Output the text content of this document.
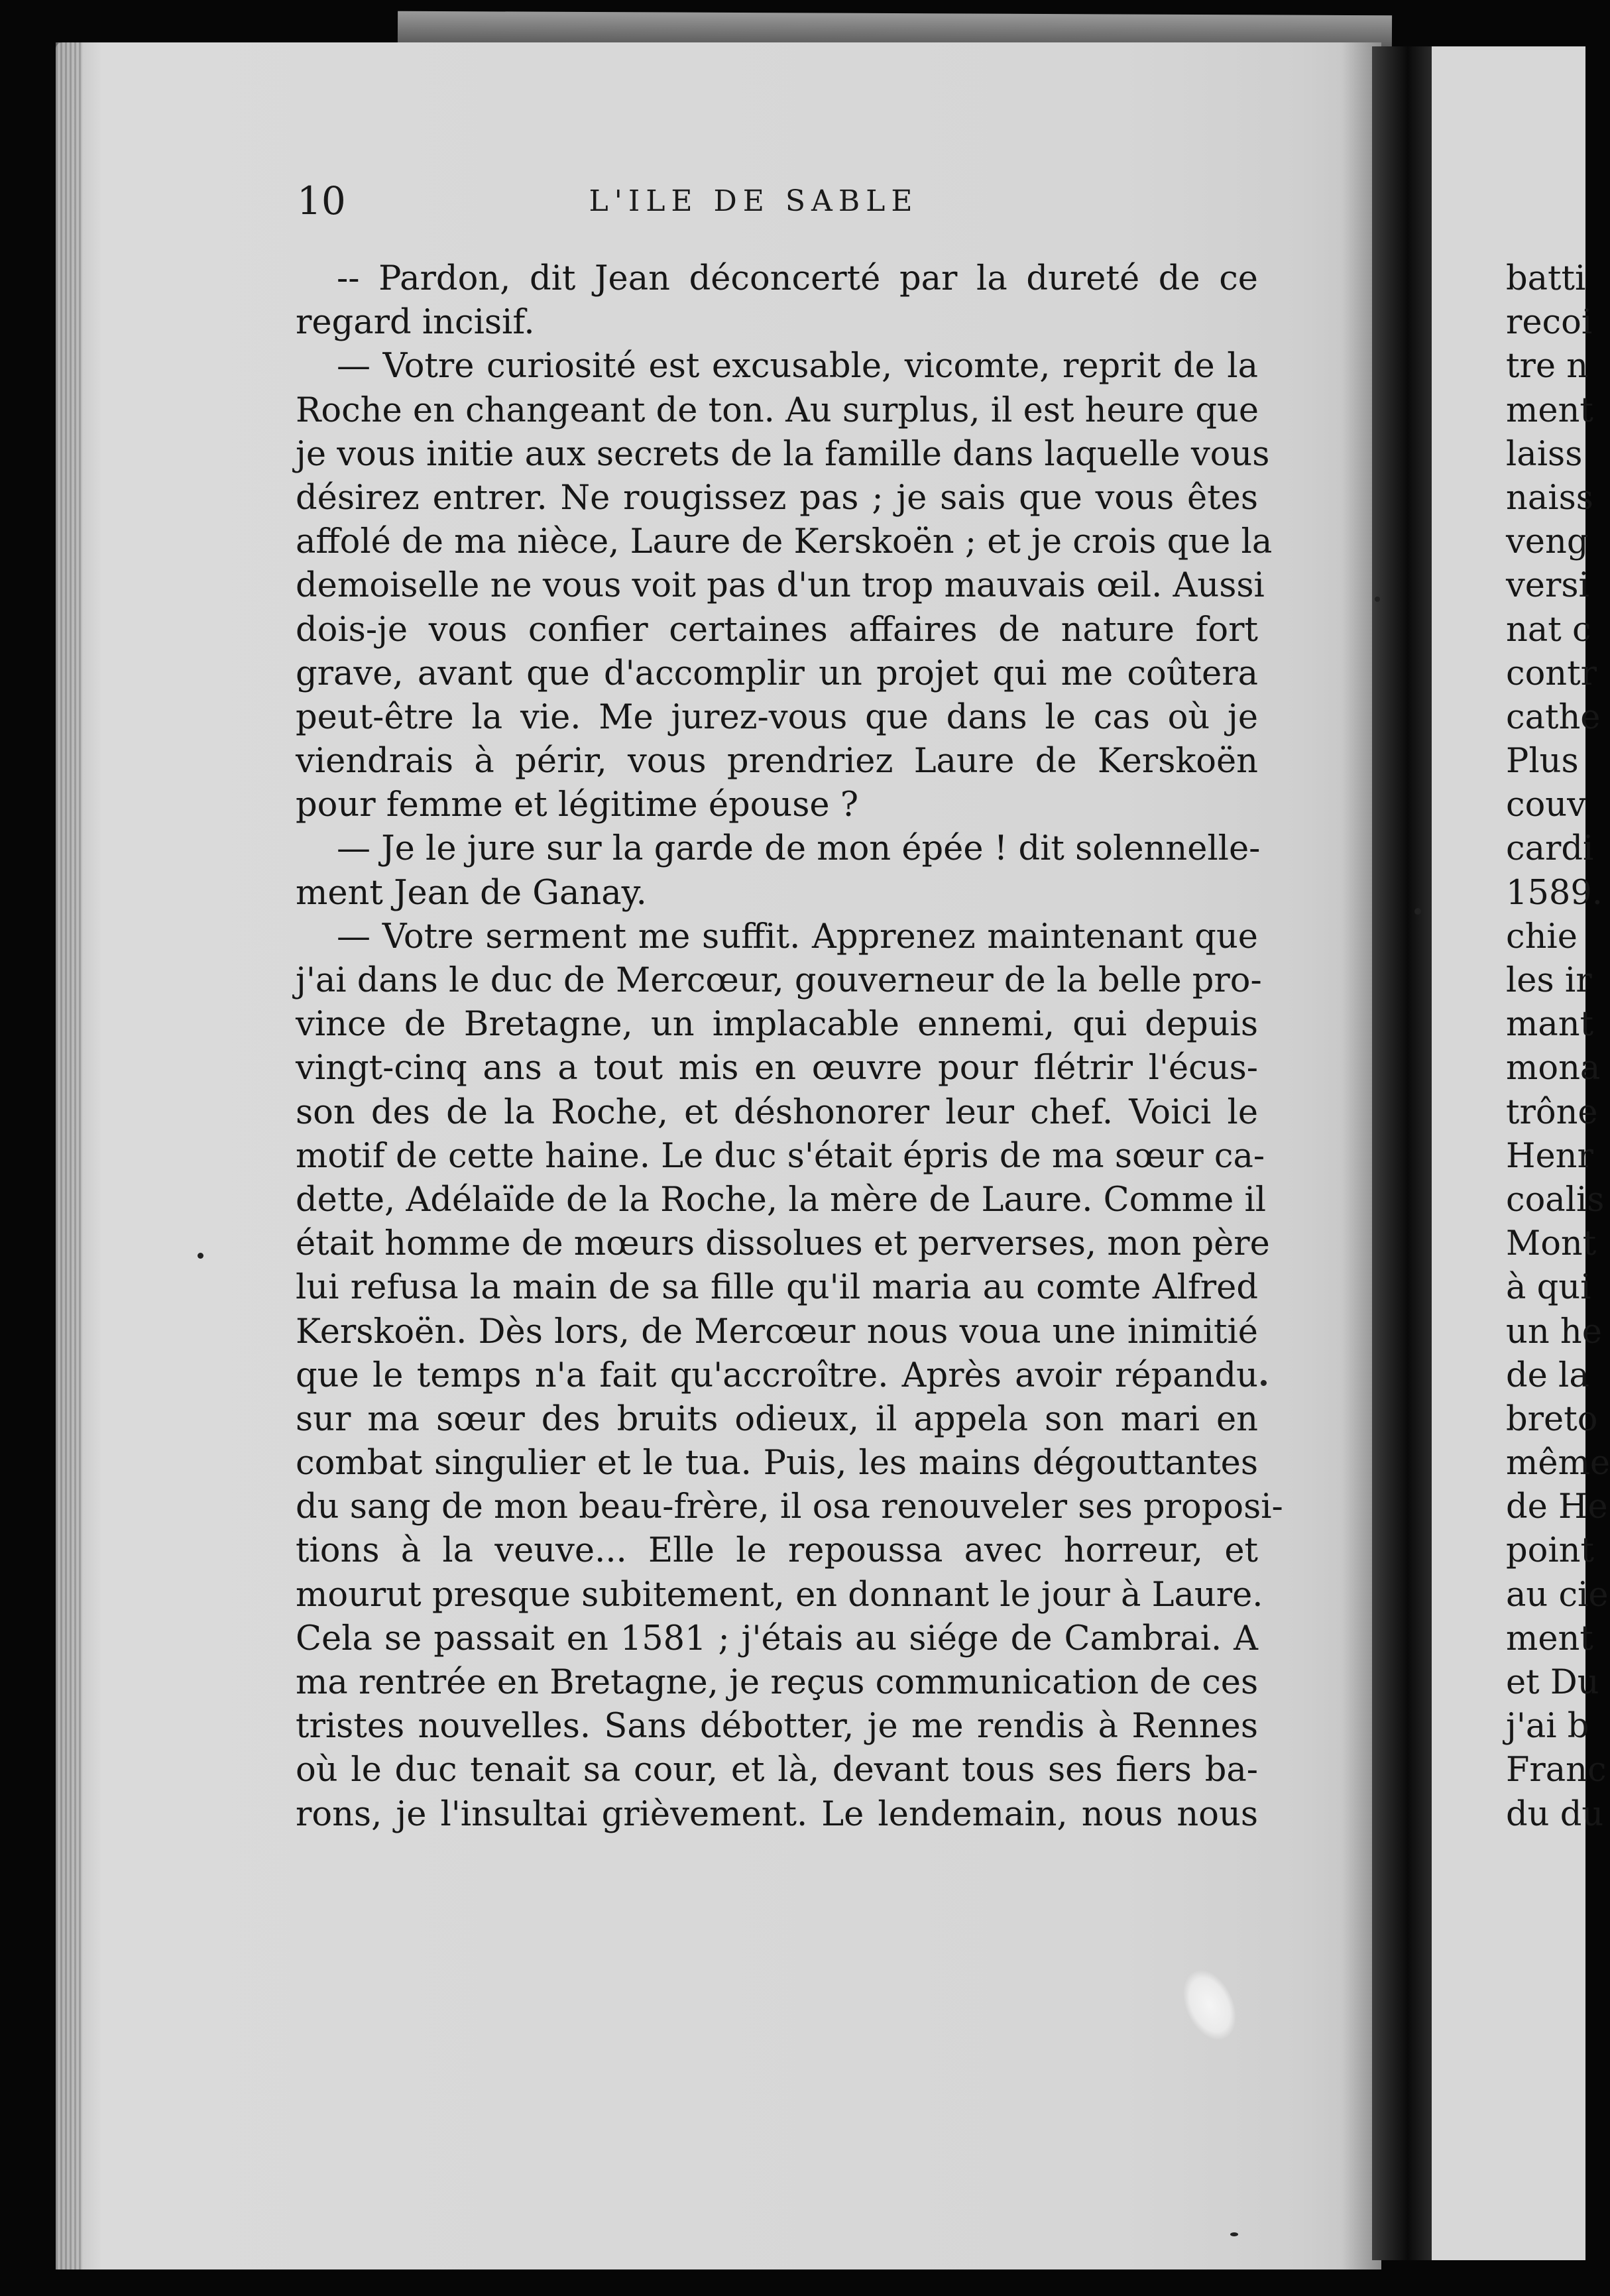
10	L'ILE DE SABLE
-- Pardon, dit Jean déconcerté par la dureté de ce
regard incisif.
— Votre curiosité est excusable, vicomte, reprit de la
Roche en changeant de ton. Au surplus, il est heure que
je vous initie aux secrets de la famille dans laquelle vous
désirez entrer. Ne rougissez pas ; je sais que vous êtes
affolé de ma nièce, Laure de Kerskoën ; et je crois que la
demoiselle ne vous voit pas d'un trop mauvais œil. Aussi
dois-je vous confier certaines affaires de nature fort
grave, avant que d'accomplir un projet qui me coûtera
peut-être la vie. Me jurez-vous que dans le cas où je
viendrais à périr, vous prendriez Laure de Kerskoën
pour femme et légitime épouse ?
— Je le jure sur la garde de mon épée ! dit solennelle-
ment Jean de Ganay.
— Votre serment me suffit. Apprenez maintenant que
j'ai dans le duc de Mercœur, gouverneur de la belle pro-
vince de Bretagne, un implacable ennemi, qui depuis
vingt-cinq ans a tout mis en œuvre pour flétrir l'écus-
son des de la Roche, et déshonorer leur chef. Voici le
motif de cette haine. Le duc s'était épris de ma sœur ca-
dette, Adélaïde de la Roche, la mère de Laure. Comme il
était homme de mœurs dissolues et perverses, mon père
lui refusa la main de sa fille qu'il maria au comte Alfred
Kerskoën. Dès lors, de Mercœur nous voua une inimitié
que le temps n'a fait qu'accroître. Après avoir répandu
sur ma sœur des bruits odieux, il appela son mari en
combat singulier et le tua. Puis, les mains dégouttantes
du sang de mon beau-frère, il osa renouveler ses proposi-
tions à la veuve... Elle le repoussa avec horreur, et
mourut presque subitement, en donnant le jour à Laure.
Cela se passait en 1581 ; j'étais au siége de Cambrai. A
ma rentrée en Bretagne, je reçus communication de ces
tristes nouvelles. Sans débotter, je me rendis à Rennes
où le duc tenait sa cour, et là, devant tous ses fiers ba-
rons, je l'insultai grièvement. Le lendemain, nous nous
batti
recoi
tre n
ment
laiss
naiss
veng
versi
nat c
contr
cathe
Plus
couv
cardi
1589.
chie
les ir
mant
mona
trône
Henr
coalis
Mont
à qui
un he
de la
breto
même
de He
point
au cie
ment
et Du
j'ai b
Franc
du du
